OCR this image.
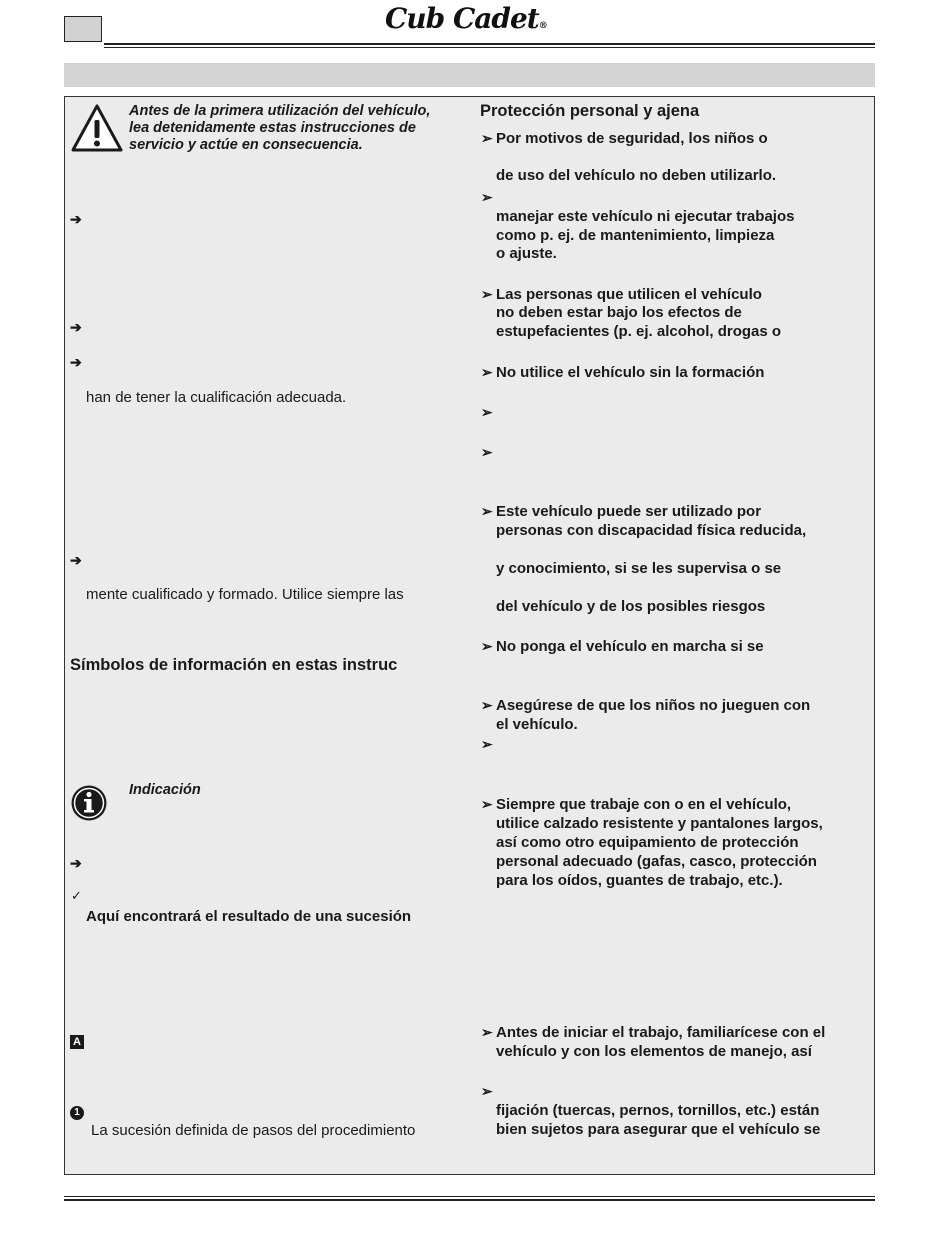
Cub Cadet®
Antes de la primera utilización del vehículo, lea detenidamente estas instrucciones de servicio y actúe en consecuencia.
➔
➔
➔
han de tener la cualificación adecuada.
➔
mente cualificado y formado. Utilice siempre las
Símbolos de información en estas instruc
Indicación
➔
✓
Aquí encontrará el resultado de una sucesión
A
1
La sucesión definida de pasos del procedimiento
Protección personal y ajena
➢ Por motivos de seguridad, los niños o
de uso del vehículo no deben utilizarlo.
➢
manejar este vehículo ni ejecutar trabajos
como p. ej. de mantenimiento, limpieza
o ajuste.
➢ Las personas que utilicen el vehículo
no deben estar bajo los efectos de
estupefacientes (p. ej. alcohol, drogas o
➢ No utilice el vehículo sin la formación
➢
➢
➢ Este vehículo puede ser utilizado por
personas con discapacidad física reducida,
y conocimiento, si se les supervisa o se
del vehículo y de los posibles riesgos
➢ No ponga el vehículo en marcha si se
➢ Asegúrese de que los niños no jueguen con
el vehículo.
➢
➢ Siempre que trabaje con o en el vehículo,
utilice calzado resistente y pantalones largos,
así como otro equipamiento de protección
personal adecuado (gafas, casco, protección
para los oídos, guantes de trabajo, etc.).
➢ Antes de iniciar el trabajo, familiarícese con el
vehículo y con los elementos de manejo, así
➢
fijación (tuercas, pernos, tornillos, etc.) están
bien sujetos para asegurar que el vehículo se
